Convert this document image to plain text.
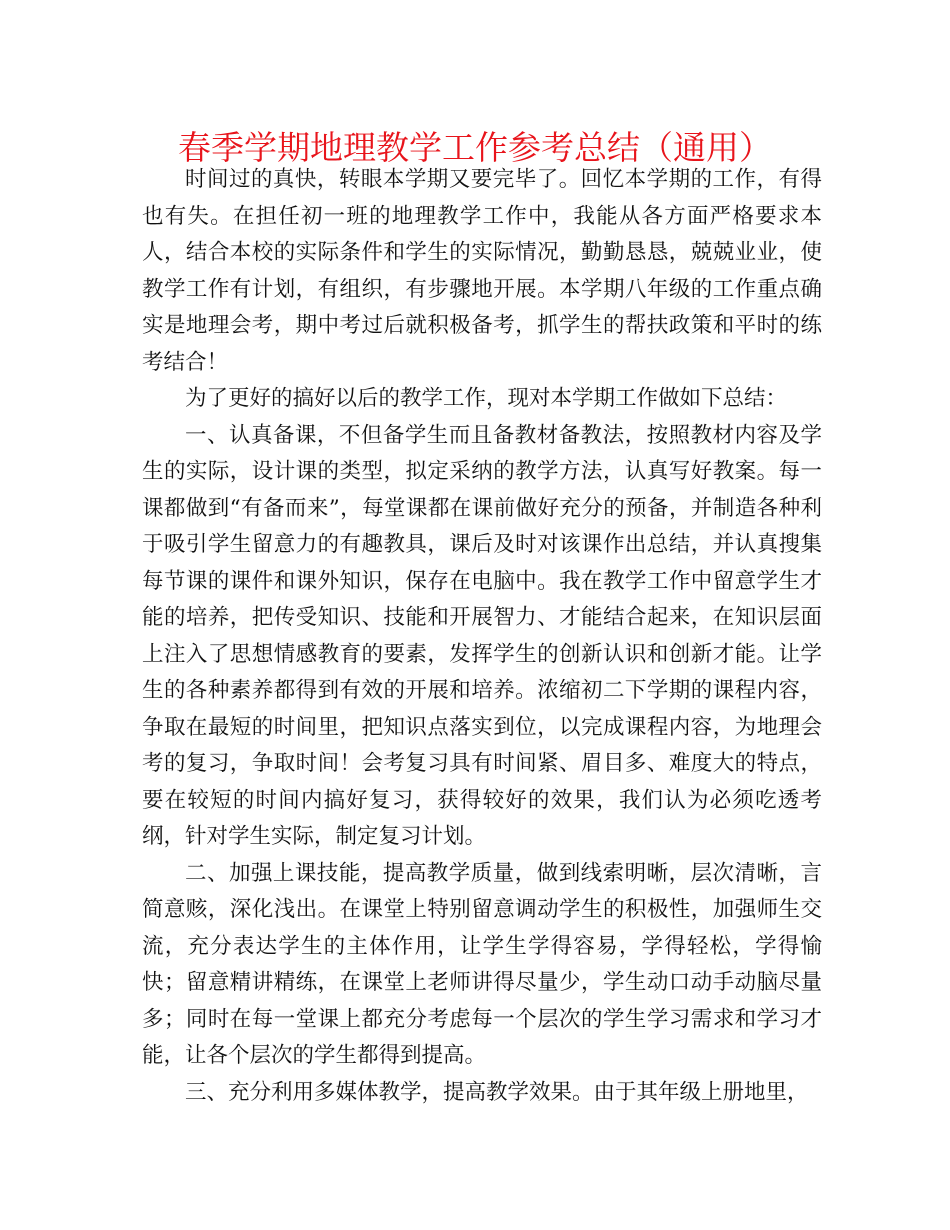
春季学期地理教学工作参考总结（通用）

时间过的真快，转眼本学期又要完毕了。回忆本学期的工作，有得也有失。在担任初一班的地理教学工作中，我能从各方面严格要求本人，结合本校的实际条件和学生的实际情况，勤勤恳恳，兢兢业业，使教学工作有计划，有组织，有步骤地开展。本学期八年级的工作重点确实是地理会考，期中考过后就积极备考，抓学生的帮扶政策和平时的练考结合！

为了更好的搞好以后的教学工作，现对本学期工作做如下总结：

一、认真备课，不但备学生而且备教材备教法，按照教材内容及学生的实际，设计课的类型，拟定采纳的教学方法，认真写好教案。每一课都做到“有备而来”，每堂课都在课前做好充分的预备，并制造各种利于吸引学生留意力的有趣教具，课后及时对该课作出总结，并认真搜集每节课的课件和课外知识，保存在电脑中。我在教学工作中留意学生才能的培养，把传受知识、技能和开展智力、才能结合起来，在知识层面上注入了思想情感教育的要素，发挥学生的创新认识和创新才能。让学生的各种素养都得到有效的开展和培养。浓缩初二下学期的课程内容，争取在最短的时间里，把知识点落实到位，以完成课程内容，为地理会考的复习，争取时间！会考复习具有时间紧、眉目多、难度大的特点，要在较短的时间内搞好复习，获得较好的效果，我们认为必须吃透考纲，针对学生实际，制定复习计划。

二、加强上课技能，提高教学质量，做到线索明晰，层次清晰，言简意赅，深化浅出。在课堂上特别留意调动学生的积极性，加强师生交流，充分表达学生的主体作用，让学生学得容易，学得轻松，学得愉快；留意精讲精练，在课堂上老师讲得尽量少，学生动口动手动脑尽量多；同时在每一堂课上都充分考虑每一个层次的学生学习需求和学习才能，让各个层次的学生都得到提高。

三、充分利用多媒体教学，提高教学效果。由于其年级上册地里，
